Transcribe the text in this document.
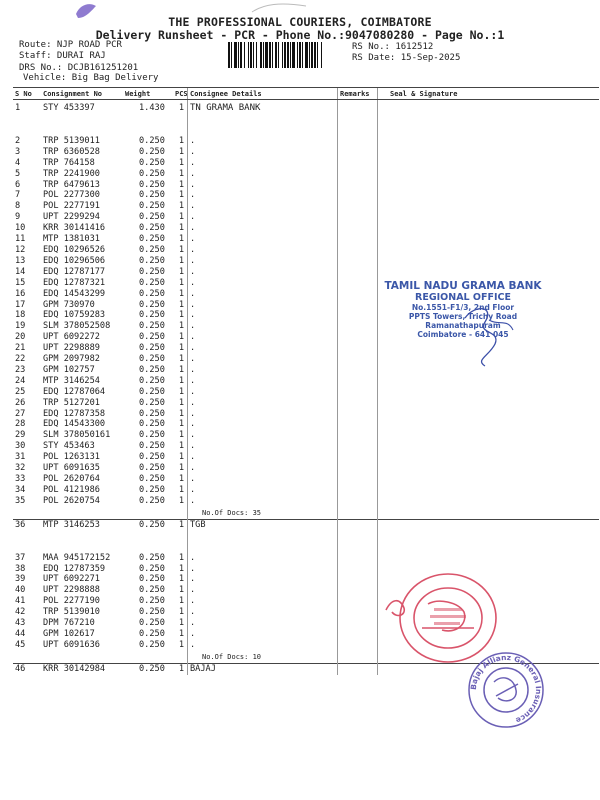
THE PROFESSIONAL COURIERS, COIMBATORE
Delivery Runsheet - PCR - Phone No.:9047080280 - Page No.:1
Route: NJP ROAD PCR
Staff: DURAI RAJ
DRS No.: DCJB161251201
Vehicle: Big Bag Delivery
RS No.: 1612512
RS Date: 15-Sep-2025
S No	Consignment No	Weight	PCS	Consignee Details	Remarks	Seal & Signature
1	STY 453397	1.430	1	TN GRAMA BANK		

2	TRP 5139011	0.250	1	.		
3	TRP 6360528	0.250	1	.		
4	TRP 764158	0.250	1	.		
5	TRP 2241900	0.250	1	.		
6	TRP 6479613	0.250	1	.		
7	POL 2277300	0.250	1	.		
8	POL 2277191	0.250	1	.		
9	UPT 2299294	0.250	1	.		
10	KRR 30141416	0.250	1	.		
11	MTP 1381031	0.250	1	.		
12	EDQ 10296526	0.250	1	.		
13	EDQ 10296506	0.250	1	.		
14	EDQ 12787177	0.250	1	.		
15	EDQ 12787321	0.250	1	.		
16	EDQ 14543299	0.250	1	.		
17	GPM 730970	0.250	1	.		
18	EDQ 10759283	0.250	1	.		
19	SLM 378052508	0.250	1	.		
20	UPT 6092272	0.250	1	.		
21	UPT 2298889	0.250	1	.		
22	GPM 2097982	0.250	1	.		
23	GPM 102757	0.250	1	.		
24	MTP 3146254	0.250	1	.		
25	EDQ 12787064	0.250	1	.		
26	TRP 5127201	0.250	1	.		
27	EDQ 12787358	0.250	1	.		
28	EDQ 14543300	0.250	1	.		
29	SLM 378050161	0.250	1	.		
30	STY 453463	0.250	1	.		
31	POL 1263131	0.250	1	.		
32	UPT 6091635	0.250	1	.		
33	POL 2620764	0.250	1	.		
34	POL 4121986	0.250	1	.		
35	POL 2620754	0.250	1	.		
				No.Of Docs: 35		
36	MTP 3146253	0.250	1	TGB		

37	MAA 945172152	0.250	1	.		
38	EDQ 12787359	0.250	1	.		
39	UPT 6092271	0.250	1	.		
40	UPT 2298888	0.250	1	.		
41	POL 2277190	0.250	1	.		
42	TRP 5139010	0.250	1	.		
43	DPM 767210	0.250	1	.		
44	GPM 102617	0.250	1	.		
45	UPT 6091636	0.250	1	.		
				No.Of Docs: 10		
46	KRR 30142984	0.250	1	BAJAJ		
TAMIL NADU GRAMA BANK
REGIONAL OFFICE
No.1551-F1/3, 2nd Floor
PPTS Towers, Trichy Road
Ramanathapuram
Coimbatore - 641 045
Bajaj Allianz General Insurance
